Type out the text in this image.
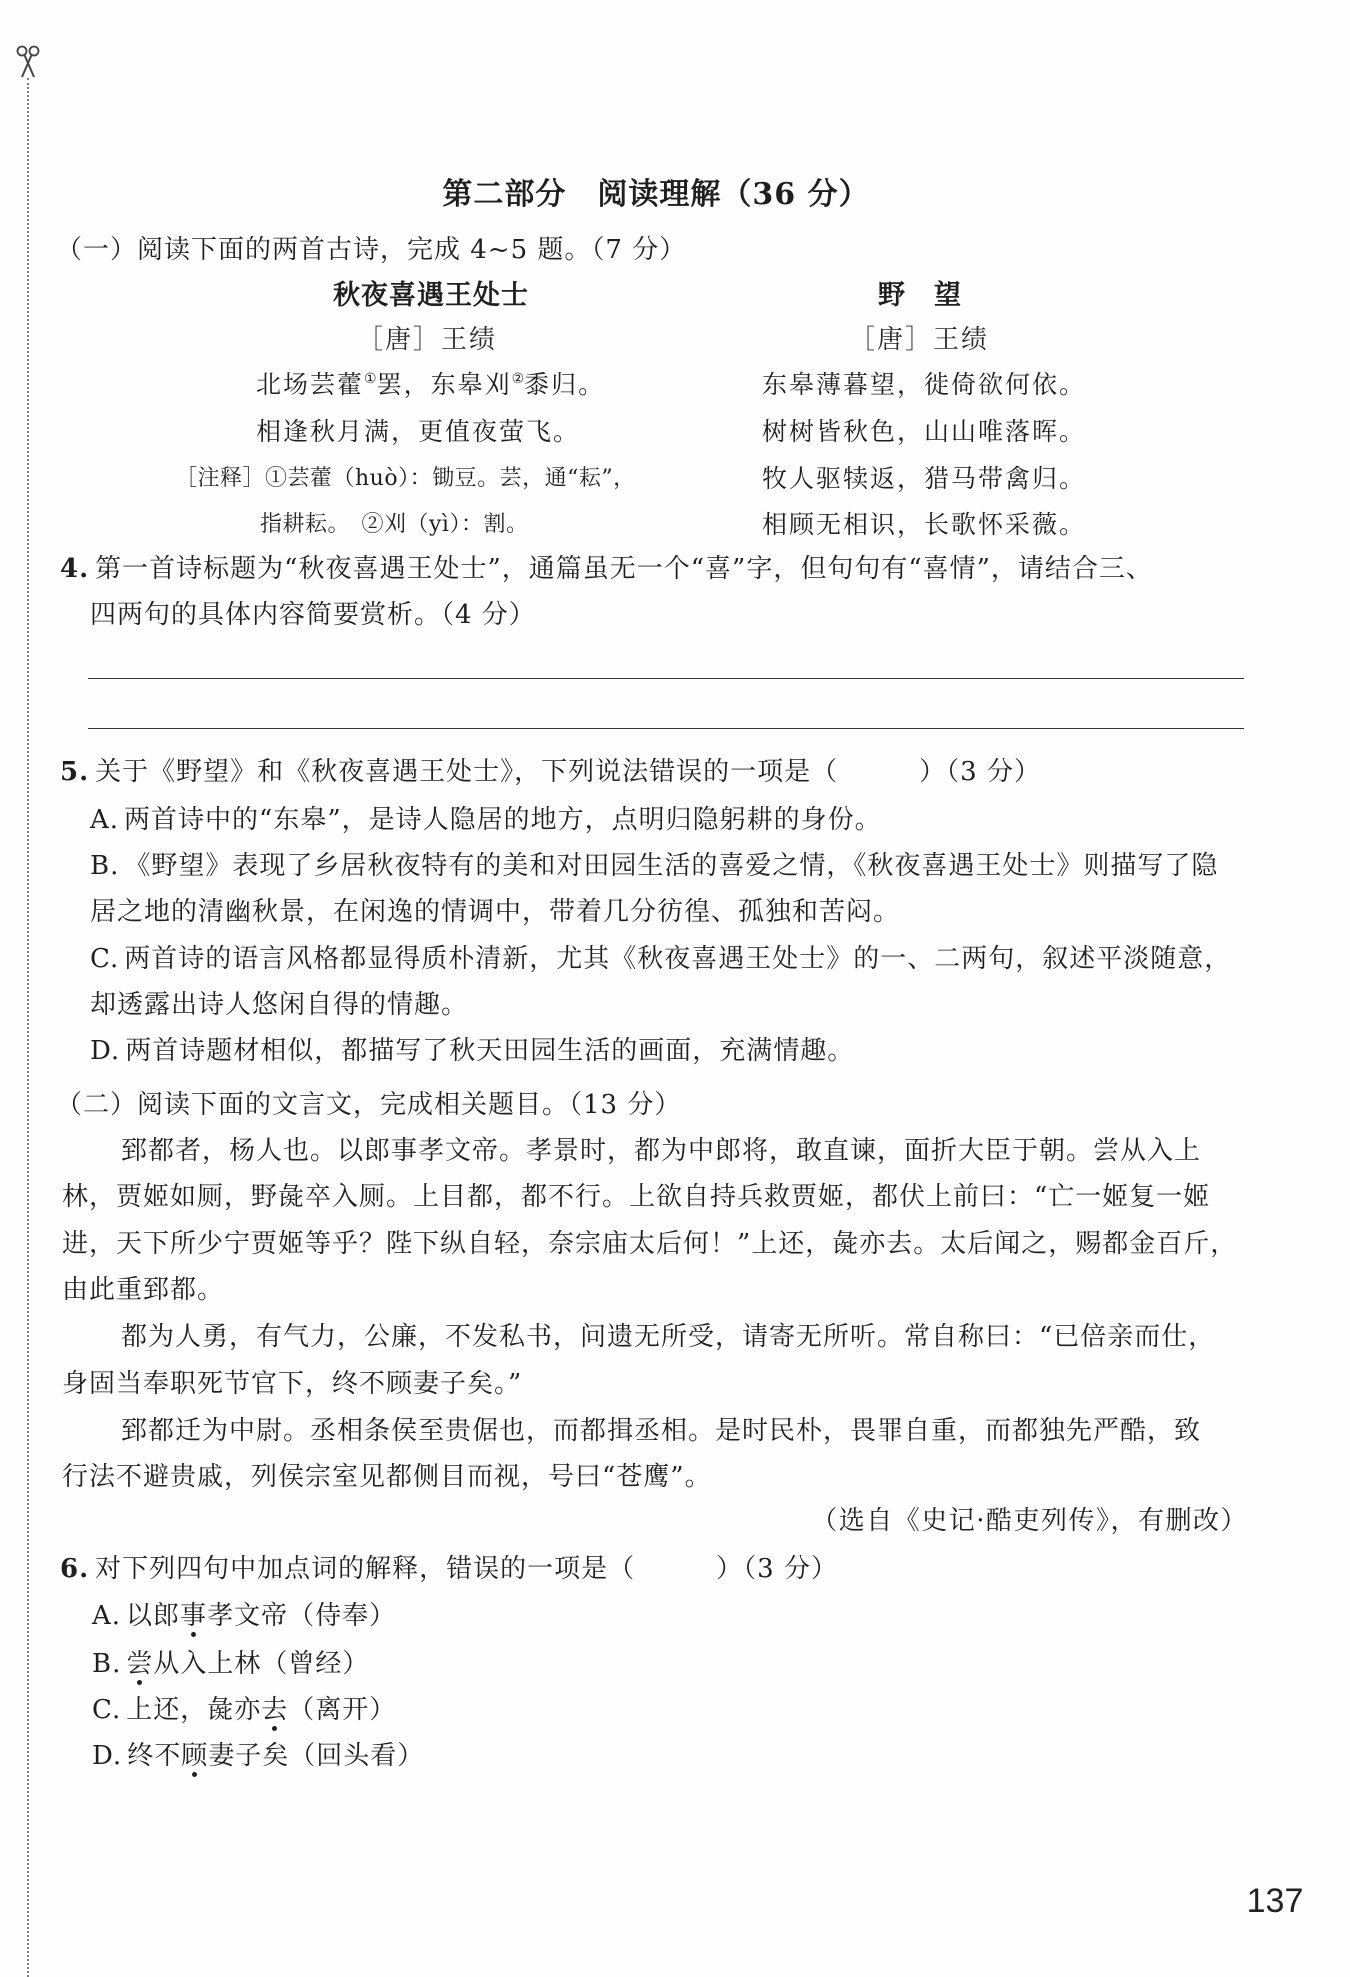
第二部分　阅读理解（36 分）
（一）阅读下面的两首古诗，完成 4~5 题。（7 分）
秋夜喜遇王处士
［唐］王绩
北场芸藿①罢，东皋刈②黍归。
相逢秋月满，更值夜萤飞。
［注释］①芸藿（huò）：锄豆。芸，通“耘”，
指耕耘。　②刈（yì）：割。
野　望
［唐］王绩
东皋薄暮望，徙倚欲何依。
树树皆秋色，山山唯落晖。
牧人驱犊返，猎马带禽归。
相顾无相识，长歌怀采薇。
4. 第一首诗标题为“秋夜喜遇王处士”，通篇虽无一个“喜”字，但句句有“喜情”，请结合三、
四两句的具体内容简要赏析。（4 分）
5. 关于《野望》和《秋夜喜遇王处士》，下列说法错误的一项是（　　　）（3 分）
A. 两首诗中的“东皋”，是诗人隐居的地方，点明归隐躬耕的身份。
B. 《野望》表现了乡居秋夜特有的美和对田园生活的喜爱之情，《秋夜喜遇王处士》则描写了隐
居之地的清幽秋景，在闲逸的情调中，带着几分彷徨、孤独和苦闷。
C. 两首诗的语言风格都显得质朴清新，尤其《秋夜喜遇王处士》的一、二两句，叙述平淡随意，
却透露出诗人悠闲自得的情趣。
D. 两首诗题材相似，都描写了秋天田园生活的画面，充满情趣。
（二）阅读下面的文言文，完成相关题目。（13 分）
郅都者，杨人也。以郎事孝文帝。孝景时，都为中郎将，敢直谏，面折大臣于朝。尝从入上
林，贾姬如厕，野彘卒入厕。上目都，都不行。上欲自持兵救贾姬，都伏上前曰：“亡一姬复一姬
进，天下所少宁贾姬等乎？陛下纵自轻，奈宗庙太后何！”上还，彘亦去。太后闻之，赐都金百斤，
由此重郅都。
都为人勇，有气力，公廉，不发私书，问遗无所受，请寄无所听。常自称曰：“已倍亲而仕，
身固当奉职死节官下，终不顾妻子矣。”
郅都迁为中尉。丞相条侯至贵倨也，而都揖丞相。是时民朴，畏罪自重，而都独先严酷，致
行法不避贵戚，列侯宗室见都侧目而视，号曰“苍鹰”。
（选自《史记·酷吏列传》，有删改）
6. 对下列四句中加点词的解释，错误的一项是（　　　）（3 分）
A. 以郎事孝文帝（侍奉）
B. 尝从入上林（曾经）
C. 上还，彘亦去（离开）
D. 终不顾妻子矣（回头看）
137
